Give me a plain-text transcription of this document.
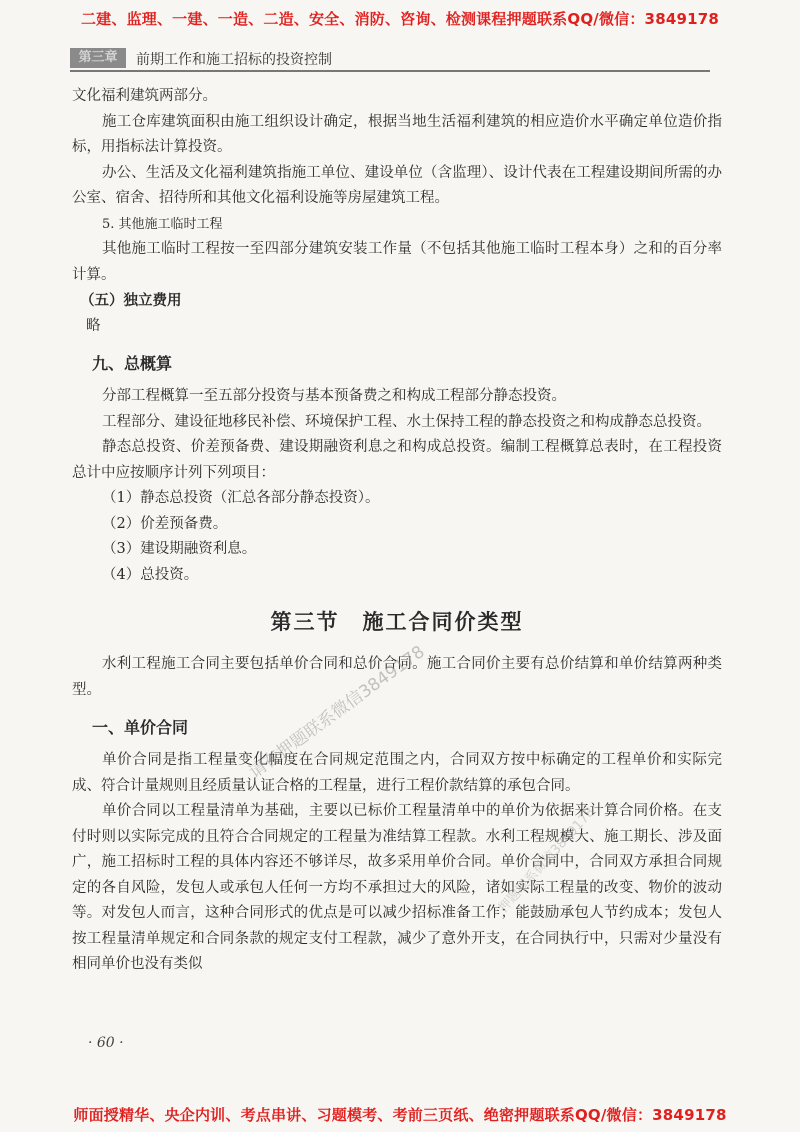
二建、监理、一建、一造、二造、安全、消防、咨询、检测课程押题联系QQ/微信：3849178
第三章	前期工作和施工招标的投资控制

文化福利建筑两部分。

施工仓库建筑面积由施工组织设计确定，根据当地生活福利建筑的相应造价水平确定单位造价指标，用指标法计算投资。

办公、生活及文化福利建筑指施工单位、建设单位（含监理）、设计代表在工程建设期间所需的办公室、宿舍、招待所和其他文化福利设施等房屋建筑工程。

5. 其他施工临时工程

其他施工临时工程按一至四部分建筑安装工作量（不包括其他施工临时工程本身）之和的百分率计算。

（五）独立费用

略

九、总概算

分部工程概算一至五部分投资与基本预备费之和构成工程部分静态投资。

工程部分、建设征地移民补偿、环境保护工程、水土保持工程的静态投资之和构成静态总投资。

静态总投资、价差预备费、建设期融资利息之和构成总投资。编制工程概算总表时，在工程投资总计中应按顺序计列下列项目：

（1）静态总投资（汇总各部分静态投资）。

（2）价差预备费。

（3）建设期融资利息。

（4）总投资。

第三节　施工合同价类型

水利工程施工合同主要包括单价合同和总价合同。施工合同价主要有总价结算和单价结算两种类型。

一、单价合同

单价合同是指工程量变化幅度在合同规定范围之内，合同双方按中标确定的工程单价和实际完成、符合计量规则且经质量认证合格的工程量，进行工程价款结算的承包合同。

单价合同以工程量清单为基础，主要以已标价工程量清单中的单价为依据来计算合同价格。在支付时则以实际完成的且符合合同规定的工程量为准结算工程款。水利工程规模大、施工期长、涉及面广，施工招标时工程的具体内容还不够详尽，故多采用单价合同。单价合同中，合同双方承担合同规定的各自风险，发包人或承包人任何一方均不承担过大的风险，诸如实际工程量的改变、物价的波动等。对发包人而言，这种合同形式的优点是可以减少招标准备工作；能鼓励承包人节约成本；发包人按工程量清单规定和合同条款的规定支付工程款，减少了意外开支，在合同执行中，只需对少量没有相同单价也没有类似

请在押题联系微信3849178
押题联系微信3849178
· 60 ·
师面授精华、央企内训、考点串讲、习题模考、考前三页纸、绝密押题联系QQ/微信：3849178
